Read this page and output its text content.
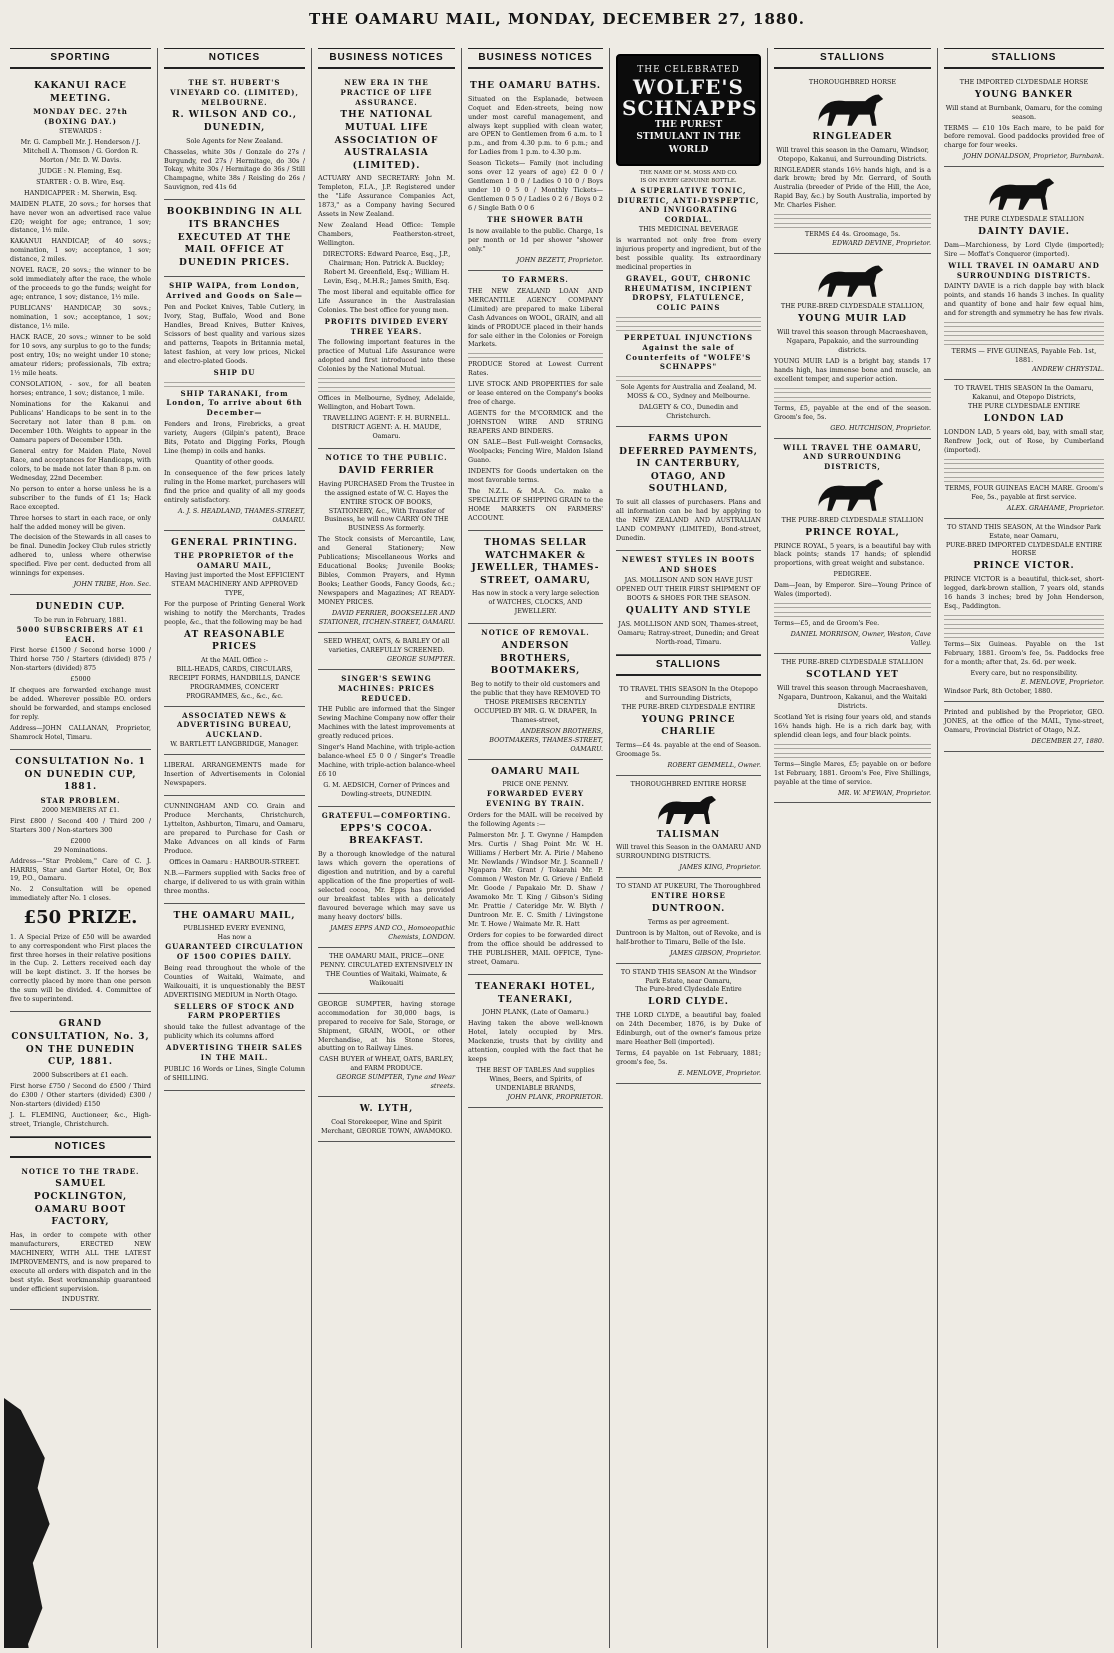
THE OAMARU MAIL, MONDAY, DECEMBER 27, 1880.
SPORTING
KAKANUI RACE MEETING.
MONDAY DEC. 27th (BOXING DAY.)
STEWARDS :

Mr. G. Campbell Mr. J. Henderson / J. Mitchell A. Thomson / G. Gordon R. Morton / Mr. D. W. Davis.

JUDGE : N. Fleming, Esq.

STARTER : O. B. Wire, Esq.

HANDICAPPER : M. Sherwin, Esq.

MAIDEN PLATE, 20 sovs.; for horses that have never won an advertised race value £20; weight for age; entrance, 1 sov; distance, 1½ mile.

KAKANUI HANDICAP, of 40 sovs.; nomination, 1 sov; acceptance, 1 sov; distance, 2 miles.

NOVEL RACE, 20 sovs.; the winner to be sold immediately after the race, the whole of the proceeds to go the funds; weight for age; entrance, 1 sov; distance, 1½ mile.

PUBLICANS' HANDICAP, 30 sovs.; nomination, 1 sov.; acceptance, 1 sov.; distance, 1½ mile.

HACK RACE, 20 sovs.; winner to be sold for 10 sovs, any surplus to go to the funds; post entry, 10s; no weight under 10 stone; amateur riders; professionals, 7lb extra; 1½ mile heats.

CONSOLATION, - sov., for all beaten horses; entrance, 1 sov.; distance, 1 mile.

Nominations for the Kakanui and Publicans' Handicaps to be sent in to the Secretary not later than 8 p.m. on December 10th. Weights to appear in the Oamaru papers of December 15th.

General entry for Maiden Plate, Novel Race, and acceptances for Handicaps, with colors, to be made not later than 8 p.m. on Wednesday, 22nd December.

No person to enter a horse unless he is a subscriber to the funds of £1 1s; Hack Race excepted.

Three horses to start in each race, or only half the added money will be given.

The decision of the Stewards in all cases to be final. Dunedin Jockey Club rules strictly adhered to, unless where otherwise specified. Five per cent. deducted from all winnings for expenses.

JOHN TRIBE, Hon. Sec.
DUNEDIN CUP.
To be run in February, 1881.
5000 SUBSCRIBERS AT £1 EACH.

First horse £1500 / Second horse 1000 / Third horse 750 / Starters (divided) 875 / Non-starters (divided) 875

£5000

If cheques are forwarded exchange must be added. Wherever possible P.O. orders should be forwarded, and stamps enclosed for reply.

Address—JOHN CALLANAN, Proprietor, Shamrock Hotel, Timaru.

CONSULTATION No. 1 ON DUNEDIN CUP, 1881.
STAR PROBLEM.
2000 MEMBERS AT £1.

First £800 / Second 400 / Third 200 / Starters 300 / Non-starters 300

£2000
29 Nominations.

Address—"Star Problem," Care of C. J. HARRIS, Star and Garter Hotel, Or, Box 19, P.O., Oamaru.

No. 2 Consultation will be opened immediately after No. 1 closes.

£50 PRIZE.

1. A Special Prize of £50 will be awarded to any correspondent who First places the first three horses in their relative positions in the Cup. 2. Letters received each day will be kept distinct. 3. If the horses be correctly placed by more than one person the sum will be divided. 4. Committee of five to superintend.

GRAND CONSULTATION, No. 3, ON THE DUNEDIN CUP, 1881.
2000 Subscribers at £1 each.

First horse £750 / Second do £500 / Third do £300 / Other starters (divided) £300 / Non-starters (divided) £150

J. L. FLEMING, Auctioneer, &c., High-street, Triangle, Christchurch.

NOTICES
NOTICE TO THE TRADE.
SAMUEL POCKLINGTON, OAMARU BOOT FACTORY,

Has, in order to compete with other manufacturers, ERECTED NEW MACHINERY, WITH ALL THE LATEST IMPROVEMENTS, and is now prepared to execute all orders with dispatch and in the best style. Best workmanship guaranteed under efficient supervision.

INDUSTRY.
NOTICES
THE ST. HUBERT'S VINEYARD CO. (LIMITED), MELBOURNE.
R. WILSON AND CO., DUNEDIN,
Sole Agents for New Zealand.

Chasselas, white 30s / Gonzale do 27s / Burgundy, red 27s / Hermitage, do 30s / Tokay, white 30s / Hermitage do 36s / Still Champagne, white 38s / Reisling do 26s / Sauvignon, red 41s 6d

BOOKBINDING IN ALL ITS BRANCHES EXECUTED AT THE MAIL OFFICE AT DUNEDIN PRICES.
SHIP WAIPA, from London, Arrived and Goods on Sale—

Pen and Pocket Knives, Table Cutlery, in Ivory, Stag, Buffalo, Wood and Bone Handles, Bread Knives, Butter Knives, Scissors of best quality and various sizes and patterns, Teapots in Britannia metal, latest fashion, at very low prices, Nickel and electro-plated Goods.

SHIP DU
SHIP TARANAKI, from London, To arrive about 6th December—

Fenders and Irons, Firebricks, a great variety, Augers (Gilpin's patent), Brace Bits, Potato and Digging Forks, Plough Line (hemp) in coils and hanks.

Quantity of other goods.

In consequence of the few prices lately ruling in the Home market, purchasers will find the price and quality of all my goods entirely satisfactory.

A. J. S. HEADLAND, THAMES-STREET, OAMARU.
GENERAL PRINTING.
THE PROPRIETOR of the OAMARU MAIL,
Having just imported the Most EFFICIENT STEAM MACHINERY AND APPROVED TYPE,

For the purpose of Printing General Work wishing to notify the Merchants, Trades people, &c., that the following may be had

AT REASONABLE PRICES
At the MAIL Office :-
BILL-HEADS, CARDS, CIRCULARS, RECEIPT FORMS, HANDBILLS, DANCE PROGRAMMES, CONCERT PROGRAMMES, &c., &c., &c.
ASSOCIATED NEWS & ADVERTISING BUREAU, AUCKLAND.
W. BARTLETT LANGBRIDGE, Manager.

LIBERAL ARRANGEMENTS made for Insertion of Advertisements in Colonial Newspapers.

CUNNINGHAM AND CO. Grain and Produce Merchants, Christchurch, Lyttelton, Ashburton, Timaru, and Oamaru, are prepared to Purchase for Cash or Make Advances on all kinds of Farm Produce.

Offices in Oamaru : HARBOUR-STREET.

N.B.—Farmers supplied with Sacks free of charge, if delivered to us with grain within three months.

THE OAMARU MAIL,
PUBLISHED EVERY EVENING,
Has now a
GUARANTEED CIRCULATION OF 1500 COPIES DAILY.

Being read throughout the whole of the Counties of Waitaki, Waimate, and Waikouaiti, it is unquestionably the BEST ADVERTISING MEDIUM in North Otago.

SELLERS OF STOCK AND FARM PROPERTIES

should take the fullest advantage of the publicity which its columns afford

ADVERTISING THEIR SALES IN THE MAIL.

PUBLIC 16 Words or Lines, Single Column of SHILLING.

BUSINESS NOTICES
NEW ERA IN THE PRACTICE OF LIFE ASSURANCE.
THE NATIONAL MUTUAL LIFE ASSOCIATION OF AUSTRALASIA (LIMITED).

ACTUARY AND SECRETARY: John M. Templeton, F.I.A., J.P. Registered under the "Life Assurance Companies Act, 1873," as a Company having Secured Assets in New Zealand.

New Zealand Head Office: Temple Chambers, Featherston-street, Wellington.

DIRECTORS: Edward Pearce, Esq., J.P., Chairman; Hon. Patrick A. Buckley; Robert M. Greenfield, Esq.; William H. Levin, Esq., M.H.R.; James Smith, Esq.

The most liberal and equitable office for Life Assurance in the Australasian Colonies. The best office for young men.

PROFITS DIVIDED EVERY THREE YEARS.

The following important features in the practice of Mutual Life Assurance were adopted and first introduced into these Colonies by the National Mutual.

Offices in Melbourne, Sydney, Adelaide, Wellington, and Hobart Town.

TRAVELLING AGENT: F. H. BURNELL. DISTRICT AGENT: A. H. MAUDE, Oamaru.

NOTICE TO THE PUBLIC.
DAVID FERRIER

Having PURCHASED From the Trustee in the assigned estate of W. C. Hayes the ENTIRE STOCK OF BOOKS, STATIONERY, &c., With Transfer of Business, he will now CARRY ON THE BUSINESS As formerly.

The Stock consists of Mercantile, Law, and General Stationery; New Publications; Miscellaneous Works and Educational Books; Juvenile Books; Bibles, Common Prayers, and Hymn Books; Leather Goods, Fancy Goods, &c.; Newspapers and Magazines; AT READY-MONEY PRICES.

DAVID FERRIER, BOOKSELLER AND STATIONER, ITCHEN-STREET, OAMARU.
SEED WHEAT, OATS, & BARLEY Of all varieties, CAREFULLY SCREENED.
GEORGE SUMPTER.
SINGER'S SEWING MACHINES: PRICES REDUCED.

THE Public are informed that the Singer Sewing Machine Company now offer their Machines with the latest improvements at greatly reduced prices.

Singer's Hand Machine, with triple-action balance-wheel £5 0 0 / Singer's Treadle Machine, with triple-action balance-wheel £6 10

G. M. AEDSICH, Corner of Princes and Dowling-streets, DUNEDIN.

GRATEFUL—COMFORTING.
EPPS'S COCOA. BREAKFAST.

By a thorough knowledge of the natural laws which govern the operations of digestion and nutrition, and by a careful application of the fine properties of well-selected cocoa, Mr. Epps has provided our breakfast tables with a delicately flavoured beverage which may save us many heavy doctors' bills.

JAMES EPPS AND CO., Homoeopathic Chemists, LONDON.
THE OAMARU MAIL, PRICE—ONE PENNY. CIRCULATED EXTENSIVELY IN THE Counties of Waitaki, Waimate, & Waikouaiti

GEORGE SUMPTER, having storage accommodation for 30,000 bags, is prepared to receive for Sale, Storage, or Shipment, GRAIN, WOOL, or other Merchandise, at his Stone Stores, abutting on to Railway Lines.

CASH BUYER of WHEAT, OATS, BARLEY, and FARM PRODUCE.
GEORGE SUMPTER, Tyne and Wear streets.
W. LYTH,
Coal Storekeeper, Wine and Spirit Merchant, GEORGE TOWN, AWAMOKO.
BUSINESS NOTICES
THE OAMARU BATHS.

Situated on the Esplanade, between Coquet and Eden-streets, being now under most careful management, and always kept supplied with clean water, are OPEN to Gentlemen from 6 a.m. to 1 p.m., and from 4.30 p.m. to 6 p.m.; and for Ladies from 1 p.m. to 4.30 p.m.

Season Tickets— Family (not including sons over 12 years of age) £2 0 0 / Gentlemen 1 0 0 / Ladies 0 10 0 / Boys under 10 0 5 0 / Monthly Tickets— Gentlemen 0 5 0 / Ladies 0 2 6 / Boys 0 2 6 / Single Bath 0 0 6

THE SHOWER BATH

Is now available to the public. Charge, 1s per month or 1d per shower "shower only."

JOHN BEZETT, Proprietor.
TO FARMERS.

THE NEW ZEALAND LOAN AND MERCANTILE AGENCY COMPANY (Limited) are prepared to make Liberal Cash Advances on WOOL, GRAIN, and all kinds of PRODUCE placed in their hands for sale either in the Colonies or Foreign Markets.

PRODUCE Stored at Lowest Current Rates.

LIVE STOCK AND PROPERTIES for sale or lease entered on the Company's books free of charge.

AGENTS for the M'CORMICK and the JOHNSTON WIRE AND STRING REAPERS AND BINDERS.

ON SALE—Best Full-weight Cornsacks, Woolpacks; Fencing Wire, Maldon Island Guano.

INDENTS for Goods undertaken on the most favorable terms.

The N.Z.L. & M.A. Co. make a SPECIALITE OF SHIPPING GRAIN to the HOME MARKETS ON FARMERS' ACCOUNT.

THOMAS SELLAR WATCHMAKER & JEWELLER, THAMES-STREET, OAMARU,

Has now in stock a very large selection of WATCHES, CLOCKS, AND JEWELLERY.

NOTICE OF REMOVAL.
ANDERSON BROTHERS, BOOTMAKERS,

Beg to notify to their old customers and the public that they have REMOVED TO THOSE PREMISES RECENTLY OCCUPIED BY MR. G. W. DRAPER, In Thames-street,

ANDERSON BROTHERS, BOOTMAKERS, THAMES-STREET, OAMARU.
OAMARU MAIL
PRICE ONE PENNY.
FORWARDED EVERY EVENING BY TRAIN.

Orders for the MAIL will be received by the following Agents :—

Palmerston Mr. J. T. Gwynne / Hampden Mrs. Curtis / Shag Point Mr. W. H. Williams / Herbert Mr. A. Pirie / Maheno Mr. Newlands / Windsor Mr. J. Scannell / Ngapara Mr. Grant / Tokarahi Mr. P. Common / Weston Mr. G. Grieve / Enfield Mr. Goode / Papakaio Mr. D. Shaw / Awamoko Mr. T. King / Gibson's Siding Mr. Prattie / Cateridge Mr. W. Blyth / Duntroon Mr. E. C. Smith / Livingstone Mr. T. Howe / Waimate Mr. R. Hatt

Orders for copies to be forwarded direct from the office should be addressed to THE PUBLISHER, MAIL OFFICE, Tyne-street, Oamaru.

TEANERAKI HOTEL, TEANERAKI,
JOHN PLANK, (Late of Oamaru.)

Having taken the above well-known Hotel, lately occupied by Mrs. Mackenzie, trusts that by civility and attention, coupled with the fact that he keeps

THE BEST OF TABLES And supplies Wines, Beers, and Spirits, of UNDENIABLE BRANDS,
JOHN PLANK, PROPRIETOR.
THE CELEBRATED
WOLFE'S SCHNAPPS
THE PUREST STIMULANT IN THE WORLD
THE NAME OF M. MOSS AND CO.
IS ON EVERY GENUINE BOTTLE.
A SUPERLATIVE TONIC, DIURETIC, ANTI-DYSPEPTIC, AND INVIGORATING CORDIAL.
THIS MEDICINAL BEVERAGE

is warranted not only free from every injurious property and ingredient, but of the best possible quality. Its extraordinary medicinal properties in

GRAVEL, GOUT, CHRONIC RHEUMATISM, INCIPIENT DROPSY, FLATULENCE, COLIC PAINS
PERPETUAL INJUNCTIONS Against the sale of Counterfeits of "WOLFE'S SCHNAPPS"

Sole Agents for Australia and Zealand, M. MOSS & CO., Sydney and Melbourne.

DALGETY & CO., Dunedin and Christchurch.
FARMS UPON DEFERRED PAYMENTS, IN CANTERBURY, OTAGO, AND SOUTHLAND,

To suit all classes of purchasers. Plans and all information can be had by applying to the NEW ZEALAND AND AUSTRALIAN LAND COMPANY (LIMITED), Bond-street, Dunedin.

NEWEST STYLES IN BOOTS AND SHOES

JAS. MOLLISON AND SON HAVE JUST OPENED OUT THEIR FIRST SHIPMENT OF BOOTS & SHOES FOR THE SEASON.

QUALITY AND STYLE

JAS. MOLLISON AND SON, Thames-street, Oamaru; Ratray-street, Dunedin; and Great North-road, Timaru.

STALLIONS
TO TRAVEL THIS SEASON In the Otepopo and Surrounding Districts,
THE PURE-BRED CLYDESDALE ENTIRE
YOUNG PRINCE CHARLIE

Terms—£4 4s. payable at the end of Season. Groomage 5s.

ROBERT GEMMELL, Owner.
THOROUGHBRED ENTIRE HORSE
TALISMAN

Will travel this Season in the OAMARU AND SURROUNDING DISTRICTS.

JAMES KING, Proprietor.
TO STAND AT PUKEURI, The Thoroughbred
ENTIRE HORSE
DUNTROON.
Terms as per agreement.

Duntroon is by Malton, out of Revoke, and is half-brother to Timaru, Belle of the Isle.

JAMES GIBSON, Proprietor.
TO STAND THIS SEASON At the Windsor Park Estate, near Oamaru,
The Pure-bred Clydesdale Entire
LORD CLYDE.

THE LORD CLYDE, a beautiful bay, foaled on 24th December, 1876, is by Duke of Edinburgh, out of the owner's famous prize mare Heather Bell (imported).

Terms, £4 payable on 1st February, 1881; groom's fee, 5s.

E. MENLOVE, Proprietor.
STALLIONS
THOROUGHBRED HORSE
RINGLEADER

Will travel this season in the Oamaru, Windsor, Otepopo, Kakanui, and Surrounding Districts.

RINGLEADER stands 16½ hands high, and is a dark brown; bred by Mr. Gerrard, of South Australia (breeder of Pride of the Hill, the Ace, Rapid Bay, &c.) by South Australia, imported by Mr. Charles Fisher.

TERMS £4 4s. Groomage, 5s.
EDWARD DEVINE, Proprietor.
THE PURE-BRED CLYDESDALE STALLION,
YOUNG MUIR LAD

Will travel this season through Macraeshaven, Ngapara, Papakaio, and the surrounding districts.

YOUNG MUIR LAD is a bright bay, stands 17 hands high, has immense bone and muscle, an excellent temper, and superior action.

Terms, £5, payable at the end of the season. Groom's fee, 5s.

GEO. HUTCHISON, Proprietor.
WILL TRAVEL THE OAMARU, AND SURROUNDING DISTRICTS,
THE PURE-BRED CLYDESDALE STALLION
PRINCE ROYAL,

PRINCE ROYAL, 5 years, is a beautiful bay with black points; stands 17 hands; of splendid proportions, with great weight and substance.

PEDIGREE.

Dam—Jean, by Emperor. Sire—Young Prince of Wales (imported).

Terms—£5, and de Groom's Fee.

DANIEL MORRISON, Owner, Weston, Cave Valley.
THE PURE-BRED CLYDESDALE STALLION
SCOTLAND YET

Will travel this season through Macraeshaven, Ngapara, Duntroon, Kakanui, and the Waitaki Districts.

Scotland Yet is rising four years old, and stands 16¼ hands high. He is a rich dark bay, with splendid clean legs, and four black points.

Terms—Single Mares, £5; payable on or before 1st February, 1881. Groom's Fee, Five Shillings, payable at the time of service.

MR. W. M'EWAN, Proprietor.
STALLIONS
THE IMPORTED CLYDESDALE HORSE
YOUNG BANKER

Will stand at Burnbank, Oamaru, for the coming season.

TERMS — £10 10s Each mare, to be paid for before removal. Good paddocks provided free of charge for four weeks.

JOHN DONALDSON, Proprietor, Burnbank.
THE PURE CLYDESDALE STALLION
DAINTY DAVIE.

Dam—Marchioness, by Lord Clyde (imported); Sire — Moffat's Conqueror (imported).

WILL TRAVEL IN OAMARU AND SURROUNDING DISTRICTS.

DAINTY DAVIE is a rich dapple bay with black points, and stands 16 hands 3 inches. In quality and quantity of bone and hair few equal him, and for strength and symmetry he has few rivals.

TERMS — FIVE GUINEAS, Payable Feb. 1st, 1881.
ANDREW CHRYSTAL.
TO TRAVEL THIS SEASON In the Oamaru, Kakanui, and Otepopo Districts,
THE PURE CLYDESDALE ENTIRE
LONDON LAD

LONDON LAD, 5 years old, bay, with small star, Renfrew Jock, out of Rose, by Cumberland (imported).

TERMS, FOUR GUINEAS EACH MARE. Groom's Fee, 5s., payable at first service.

ALEX. GRAHAME, Proprietor.
TO STAND THIS SEASON, At the Windsor Park Estate, near Oamaru,
PURE-BRED IMPORTED CLYDESDALE ENTIRE HORSE
PRINCE VICTOR.

PRINCE VICTOR is a beautiful, thick-set, short-legged, dark-brown stallion, 7 years old, stands 16 hands 3 inches; bred by John Henderson, Esq., Paddington.

Terms—Six Guineas. Payable on the 1st February, 1881. Groom's fee, 5s. Paddocks free for a month; after that, 2s. 6d. per week.

Every care, but no responsibility.
E. MENLOVE, Proprietor.
Windsor Park, 8th October, 1880.

Printed and published by the Proprietor, GEO. JONES, at the office of the MAIL, Tyne-street, Oamaru, Provincial District of Otago, N.Z.

DECEMBER 27, 1880.
